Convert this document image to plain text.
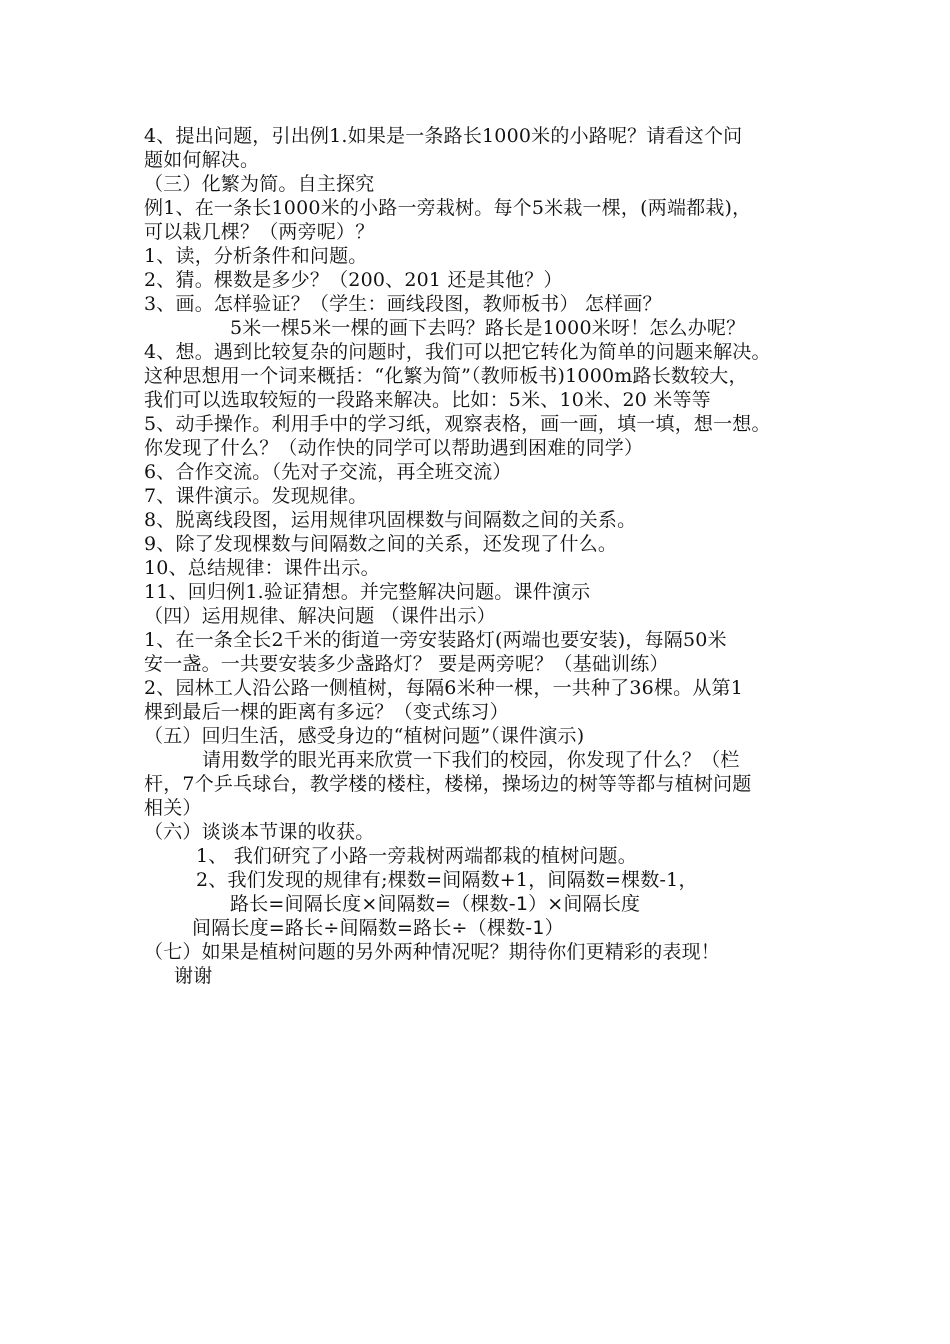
4、提出问题，引出例1.如果是一条路长1000米的小路呢？请看这个问
题如何解决。
（三）化繁为简。自主探究
例1、在一条长1000米的小路一旁栽树。每个5米栽一棵，(两端都栽)，
可以栽几棵？（两旁呢）？
1、读，分析条件和问题。
2、猜。棵数是多少？（200、201 还是其他？）
3、画。怎样验证？（学生：画线段图，教师板书） 怎样画？
5米一棵5米一棵的画下去吗？路长是1000米呀！怎么办呢？
4、想。遇到比较复杂的问题时，我们可以把它转化为简单的问题来解决。
这种思想用一个词来概括：“化繁为简”（教师板书)1000m路长数较大，
我们可以选取较短的一段路来解决。比如：5米、10米、20 米等等
5、动手操作。利用手中的学习纸，观察表格，画一画，填一填，想一想。
你发现了什么？（动作快的同学可以帮助遇到困难的同学）
6、合作交流。（先对子交流，再全班交流）
7、课件演示。发现规律。
8、脱离线段图，运用规律巩固棵数与间隔数之间的关系。
9、除了发现棵数与间隔数之间的关系，还发现了什么。
10、总结规律：课件出示。
11、回归例1.验证猜想。并完整解决问题。课件演示
（四）运用规律、解决问题 （课件出示）
1、在一条全长2千米的街道一旁安装路灯(两端也要安装)，每隔50米
安一盏。一共要安装多少盏路灯？ 要是两旁呢？（基础训练）
2、园林工人沿公路一侧植树，每隔6米种一棵，一共种了36棵。从第1
棵到最后一棵的距离有多远？（变式练习）
（五）回归生活，感受身边的“植树问题”（课件演示)
请用数学的眼光再来欣赏一下我们的校园，你发现了什么？（栏
杆，7个乒乓球台，教学楼的楼柱，楼梯，操场边的树等等都与植树问题
相关）
（六）谈谈本节课的收获。
1、 我们研究了小路一旁栽树两端都栽的植树问题。
2、我们发现的规律有;棵数=间隔数+1，间隔数=棵数-1，
路长=间隔长度×间隔数=（棵数-1）×间隔长度
间隔长度=路长÷间隔数=路长÷（棵数-1）
（七）如果是植树问题的另外两种情况呢？期待你们更精彩的表现！
谢谢
